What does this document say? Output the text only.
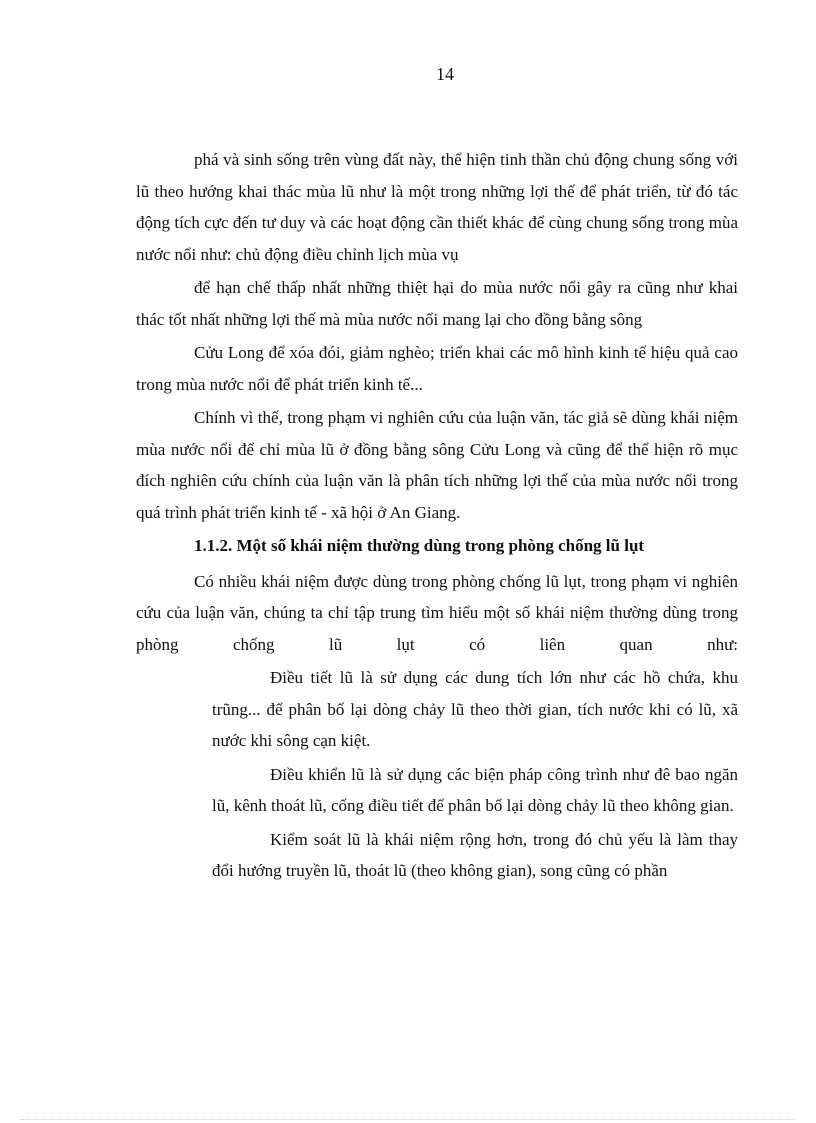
14

phá và sinh sống trên vùng đất này, thể hiện tinh thần chủ động chung sống với lũ theo hướng khai thác mùa lũ như là một trong những lợi thế để phát triển, từ đó tác động tích cực đến tư duy và các hoạt động cần thiết khác để cùng chung sống trong mùa nước nổi như: chủ động điều chỉnh lịch mùa vụ

để hạn chế thấp nhất những thiệt hại do mùa nước nổi gây ra cũng như khai thác tốt nhất những lợi thế mà mùa nước nổi mang lại cho đồng bằng sông

Cửu Long để xóa đói, giảm nghèo; triển khai các mô hình kinh tế hiệu quả cao trong mùa nước nổi để phát triển kinh tế...

Chính vì thế, trong phạm vi nghiên cứu của luận văn, tác giả sẽ dùng khái niệm mùa nước nổi để chỉ mùa lũ ở đồng bằng sông Cửu Long và cũng để thể hiện rõ mục đích nghiên cứu chính của luận văn là phân tích những lợi thế của mùa nước nổi trong quá trình phát triển kinh tế - xã hội ở An Giang.

1.1.2. Một số khái niệm thường dùng trong phòng chống lũ lụt

Có nhiều khái niệm được dùng trong phòng chống lũ lụt, trong phạm vi nghiên cứu của luận văn, chúng ta chỉ tập trung tìm hiểu một số khái niệm thường dùng trong phòng chống lũ lụt có liên quan như:

Điều tiết lũ là sử dụng các dung tích lớn như các hồ chứa, khu trũng... để phân bố lại dòng chảy lũ theo thời gian, tích nước khi có lũ, xã nước khi sông cạn kiệt.

Điều khiển lũ là sử dụng các biện pháp công trình như đê bao ngăn lũ, kênh thoát lũ, cống điều tiết để phân bố lại dòng chảy lũ theo không gian.

Kiểm soát lũ là khái niệm rộng hơn, trong đó chủ yếu là làm thay đổi hướng truyền lũ, thoát lũ (theo không gian), song cũng có phần
